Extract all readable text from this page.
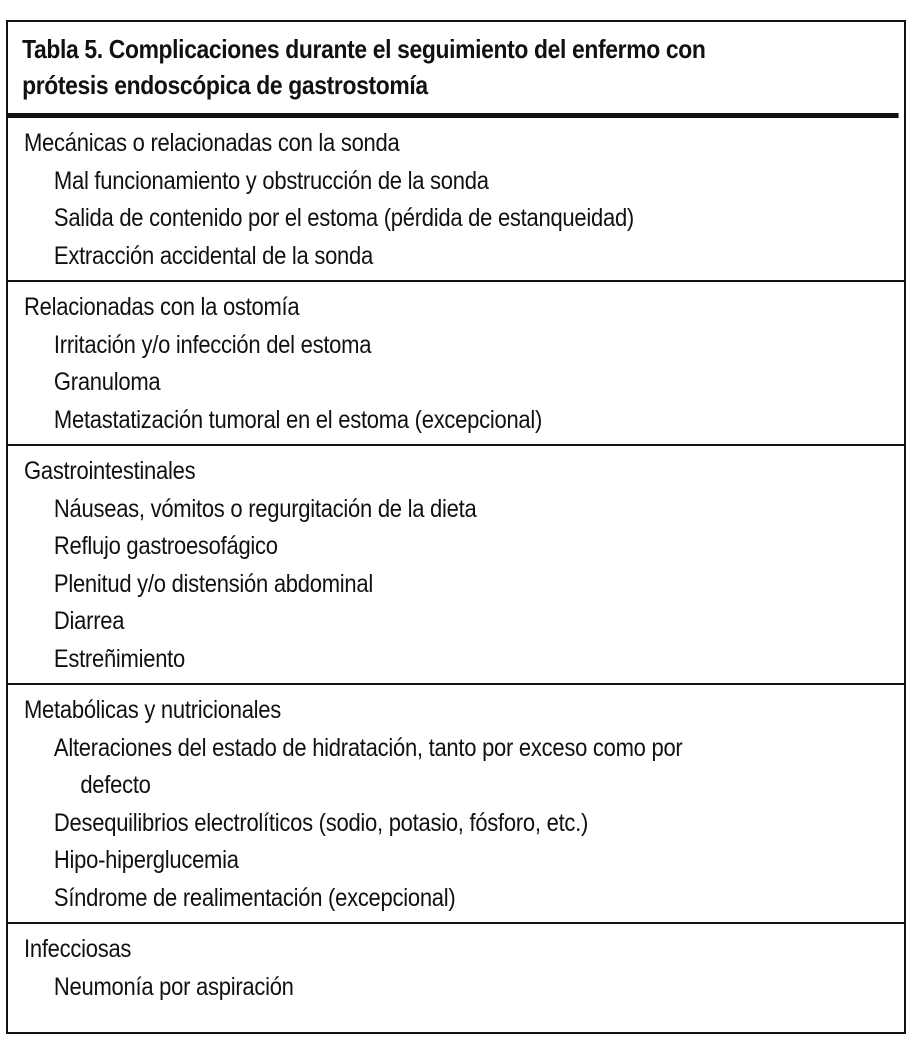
Tabla 5. Complicaciones durante el seguimiento del enfermo con
prótesis endoscópica de gastrostomía
Mecánicas o relacionadas con la sonda
Mal funcionamiento y obstrucción de la sonda
Salida de contenido por el estoma (pérdida de estanqueidad)
Extracción accidental de la sonda
Relacionadas con la ostomía
Irritación y/o infección del estoma
Granuloma
Metastatización tumoral en el estoma (excepcional)
Gastrointestinales
Náuseas, vómitos o regurgitación de la dieta
Reflujo gastroesofágico
Plenitud y/o distensión abdominal
Diarrea
Estreñimiento
Metabólicas y nutricionales
Alteraciones del estado de hidratación, tanto por exceso como por
defecto
Desequilibrios electrolíticos (sodio, potasio, fósforo, etc.)
Hipo-hiperglucemia
Síndrome de realimentación (excepcional)
Infecciosas
Neumonía por aspiración
